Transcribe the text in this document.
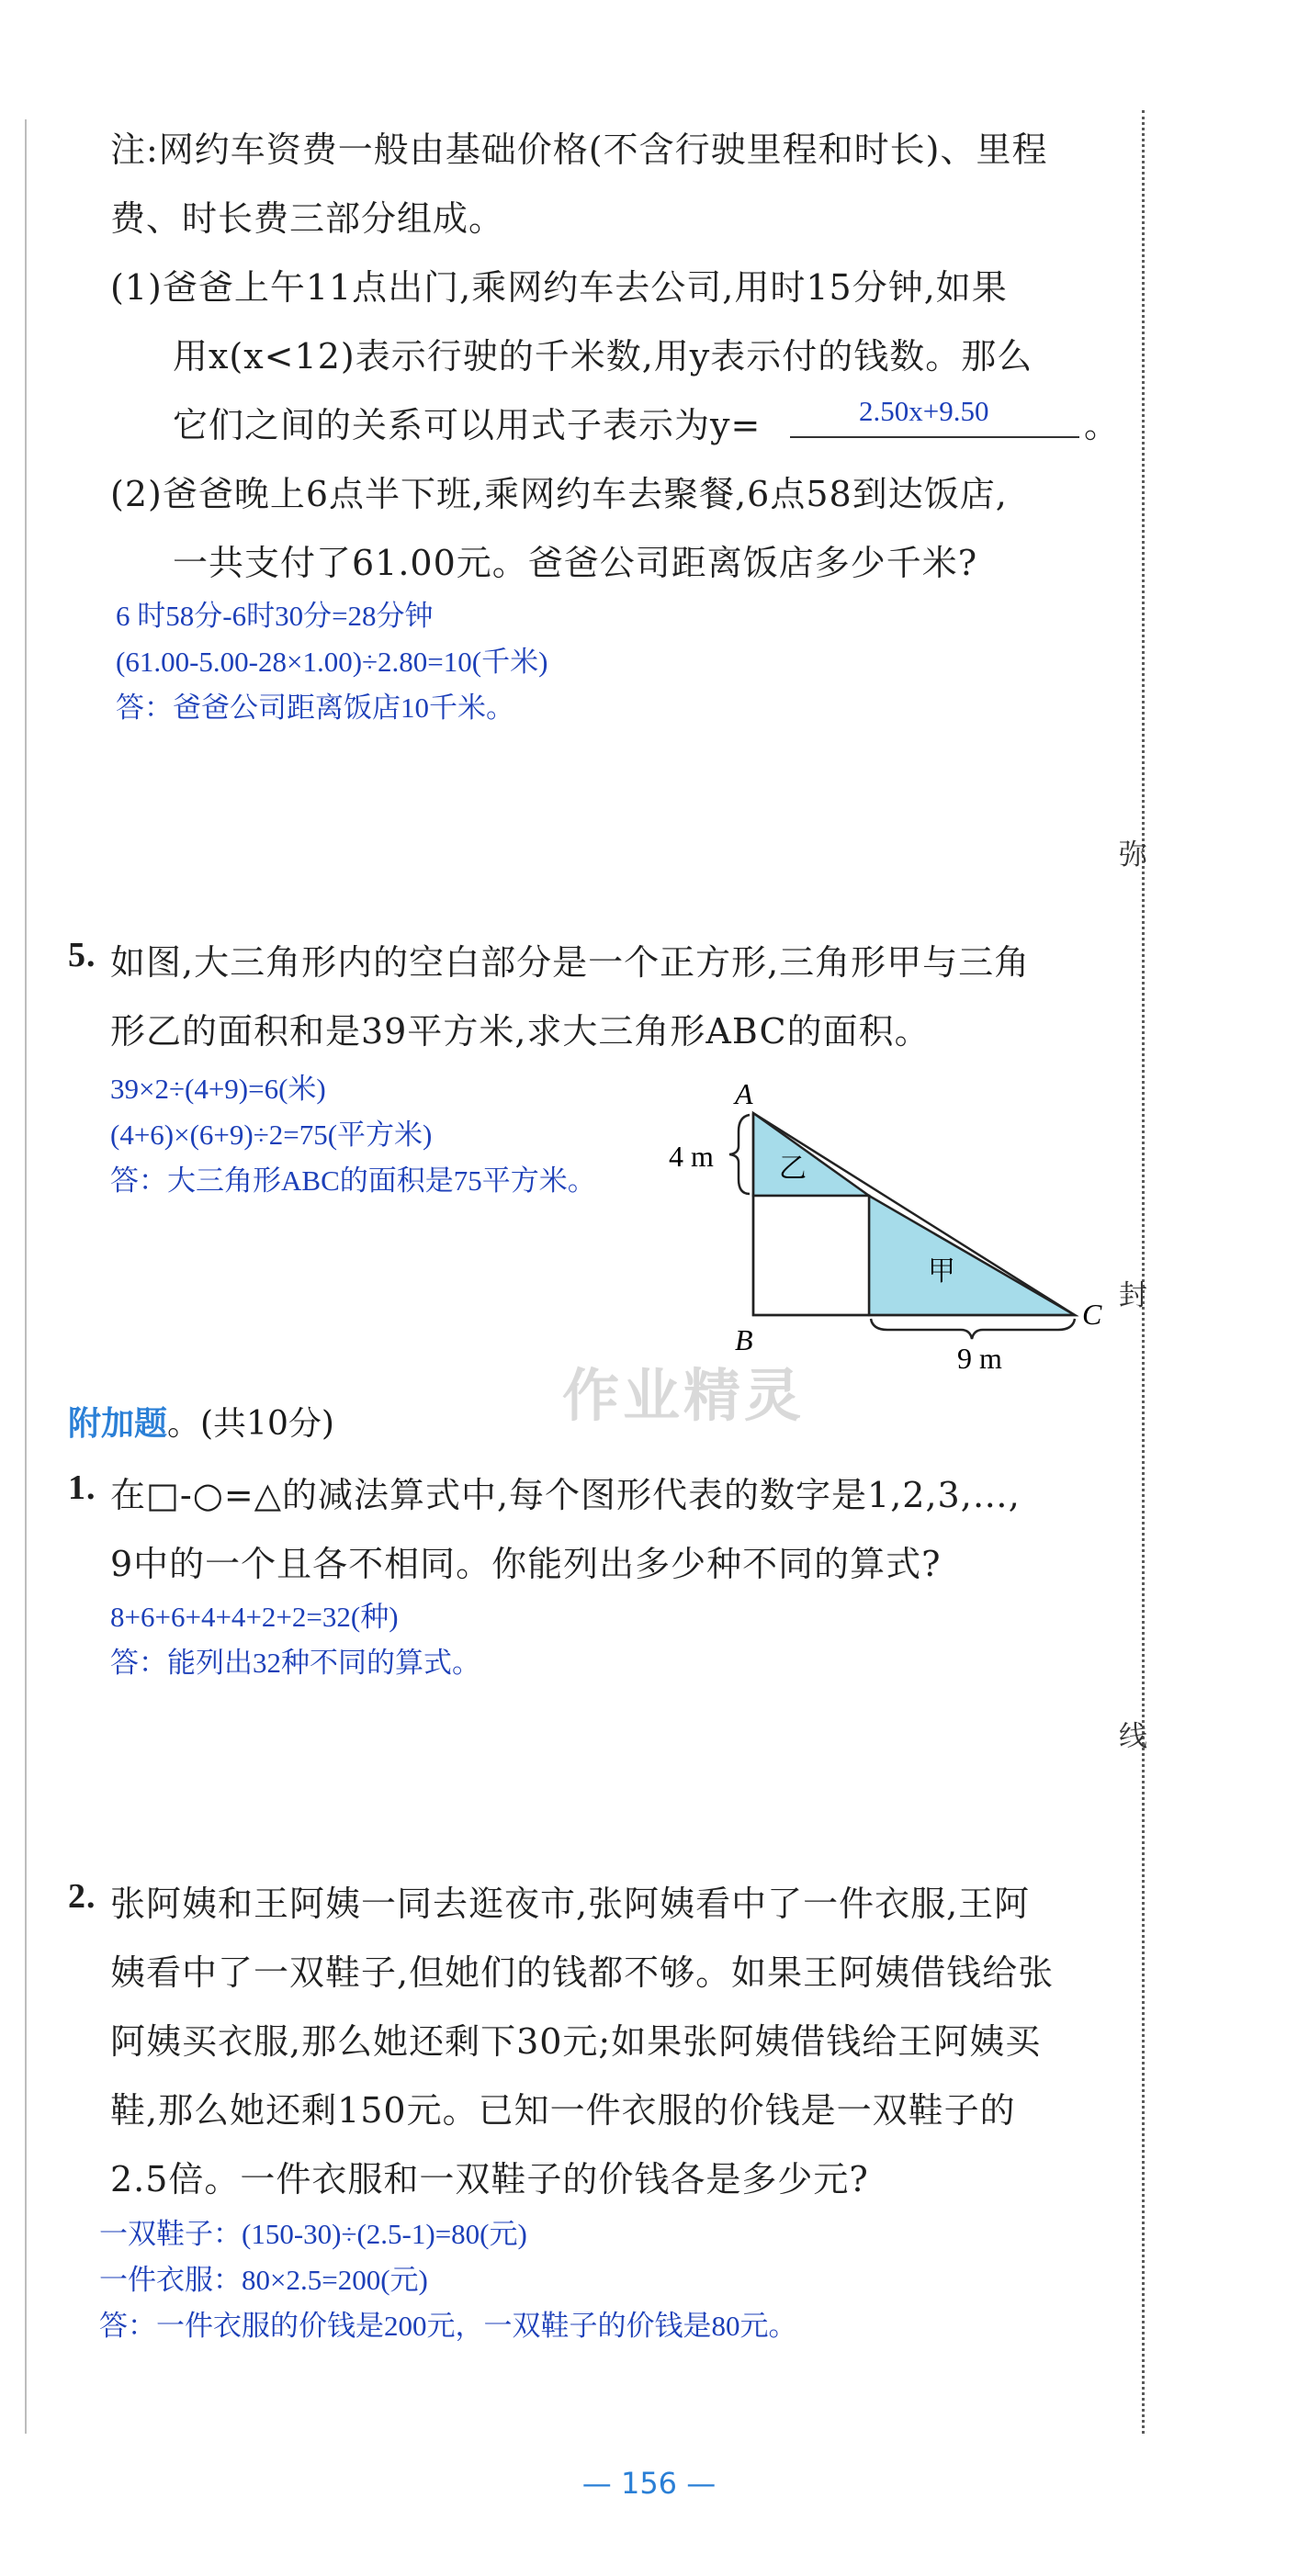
弥
封
线
注:网约车资费一般由基础价格(不含行驶里程和时长)、里程
费、时长费三部分组成。
(1)爸爸上午11点出门,乘网约车去公司,用时15分钟,如果
用x(x<12)表示行驶的千米数,用y表示付的钱数。那么
它们之间的关系可以用式子表示为y=	2.50x+9.50	。
(2)爸爸晚上6点半下班,乘网约车去聚餐,6点58到达饭店,
一共支付了61.00元。爸爸公司距离饭店多少千米?
6 时58分-6时30分=28分钟
(61.00-5.00-28×1.00)÷2.80=10(千米)
答：爸爸公司距离饭店10千米。
5. 如图,大三角形内的空白部分是一个正方形,三角形甲与三角
形乙的面积和是39平方米,求大三角形ABC的面积。
39×2÷(4+9)=6(米)
(4+6)×(6+9)÷2=75(平方米)
答：大三角形ABC的面积是75平方米。
A
B
C
乙
甲
4 m
9 m
附加题。(共10分)
1. 在□-○=△的减法算式中,每个图形代表的数字是1,2,3,…,
9中的一个且各不相同。你能列出多少种不同的算式?
8+6+6+4+4+2+2=32(种)
答：能列出32种不同的算式。
2. 张阿姨和王阿姨一同去逛夜市,张阿姨看中了一件衣服,王阿
姨看中了一双鞋子,但她们的钱都不够。如果王阿姨借钱给张
阿姨买衣服,那么她还剩下30元;如果张阿姨借钱给王阿姨买
鞋,那么她还剩150元。已知一件衣服的价钱是一双鞋子的
2.5倍。一件衣服和一双鞋子的价钱各是多少元?
一双鞋子：(150-30)÷(2.5-1)=80(元)
一件衣服：80×2.5=200(元)
答：一件衣服的价钱是200元，一双鞋子的价钱是80元。
作业精灵
— 156 —
